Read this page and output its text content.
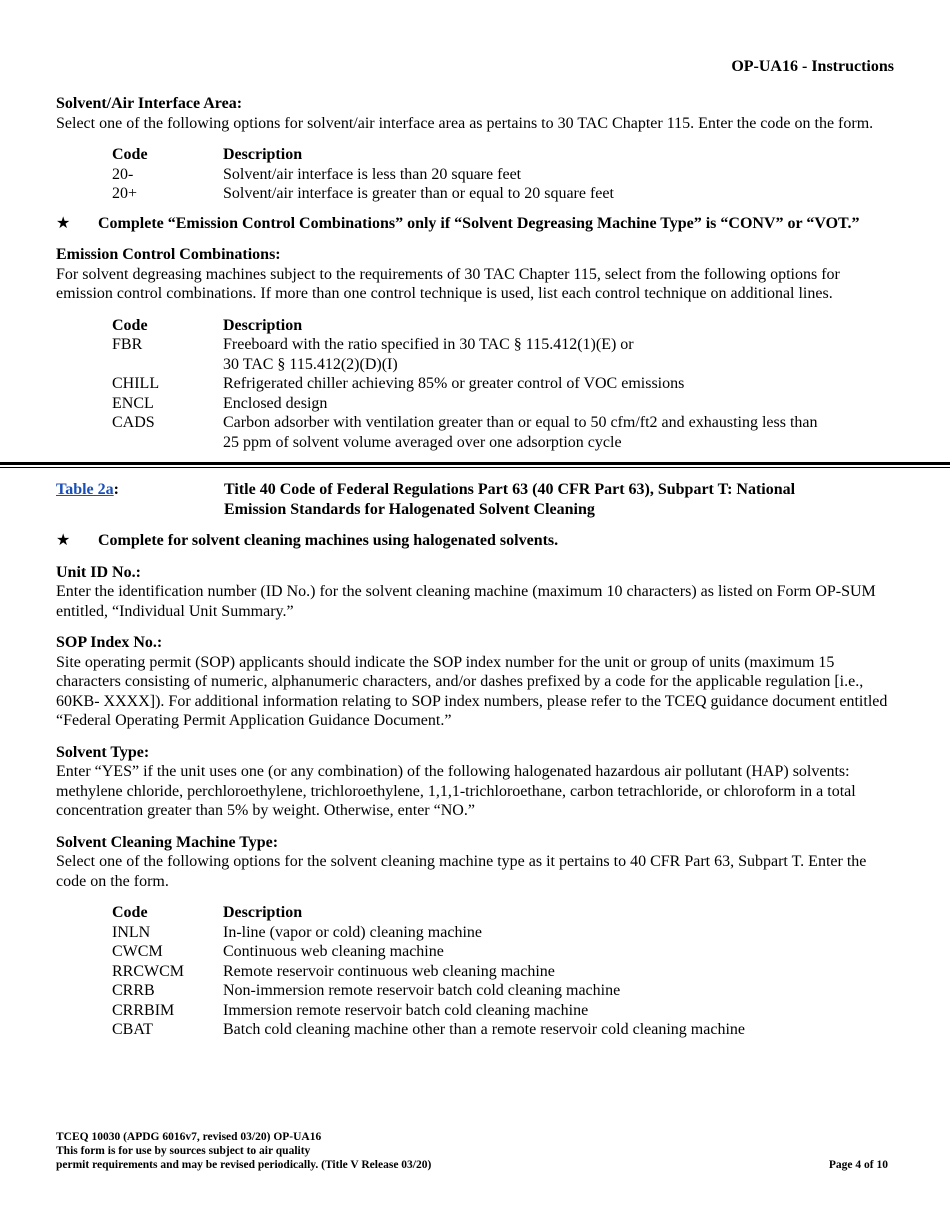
OP-UA16 - Instructions
Solvent/Air Interface Area:

Select one of the following options for solvent/air interface area as pertains to 30 TAC Chapter 115. Enter the code on the form.

Code	Description
20-	Solvent/air interface is less than 20 square feet
20+	Solvent/air interface is greater than or equal to 20 square feet
★	Complete “Emission Control Combinations” only if “Solvent Degreasing Machine Type” is “CONV” or “VOT.”
Emission Control Combinations:

For solvent degreasing machines subject to the requirements of 30 TAC Chapter 115, select from the following options for emission control combinations. If more than one control technique is used, list each control technique on additional lines.

Code	Description
FBR	Freeboard with the ratio specified in 30 TAC § 115.412(1)(E) or
30 TAC § 115.412(2)(D)(I)

CHILL	Refrigerated chiller achieving 85% or greater control of VOC emissions
ENCL	Enclosed design
CADS	Carbon adsorber with ventilation greater than or equal to 50 cfm/ft2 and exhausting less than
25 ppm of solvent volume averaged over one adsorption cycle
Table 2a:	Title 40 Code of Federal Regulations Part 63 (40 CFR Part 63), Subpart T: National
Emission Standards for Halogenated Solvent Cleaning
★	Complete for solvent cleaning machines using halogenated solvents.
Unit ID No.:

Enter the identification number (ID No.) for the solvent cleaning machine (maximum 10 characters) as listed on Form OP-SUM entitled, “Individual Unit Summary.”

SOP Index No.:

Site operating permit (SOP) applicants should indicate the SOP index number for the unit or group of units (maximum 15 characters consisting of numeric, alphanumeric characters, and/or dashes prefixed by a code for the applicable regulation [i.e., 60KB- XXXX]). For additional information relating to SOP index numbers, please refer to the TCEQ guidance document entitled “Federal Operating Permit Application Guidance Document.”

Solvent Type:

Enter “YES” if the unit uses one (or any combination) of the following halogenated hazardous air pollutant (HAP) solvents: methylene chloride, perchloroethylene, trichloroethylene, 1,1,1-trichloroethane, carbon tetrachloride, or chloroform in a total concentration greater than 5% by weight. Otherwise, enter “NO.”

Solvent Cleaning Machine Type:

Select one of the following options for the solvent cleaning machine type as it pertains to 40 CFR Part 63, Subpart T. Enter the code on the form.

Code	Description
INLN	In-line (vapor or cold) cleaning machine
CWCM	Continuous web cleaning machine
RRCWCM	Remote reservoir continuous web cleaning machine
CRRB	Non-immersion remote reservoir batch cold cleaning machine
CRRBIM	Immersion remote reservoir batch cold cleaning machine
CBAT	Batch cold cleaning machine other than a remote reservoir cold cleaning machine
TCEQ 10030 (APDG 6016v7, revised 03/20) OP-UA16
This form is for use by sources subject to air quality
permit requirements and may be revised periodically. (Title V Release 03/20)	Page 4 of 10
